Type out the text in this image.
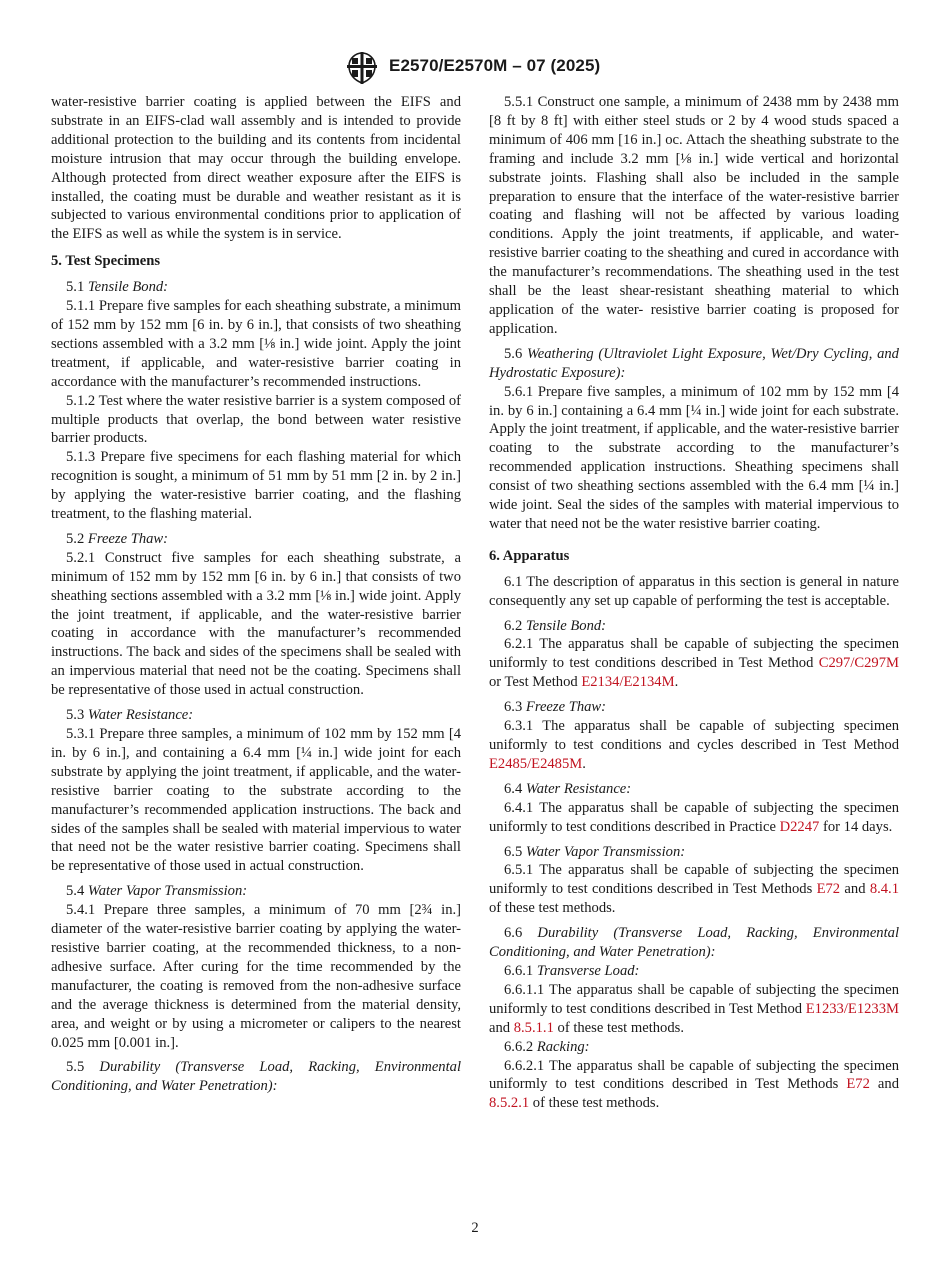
E2570/E2570M – 07 (2025)

water-resistive barrier coating is applied between the EIFS and substrate in an EIFS-clad wall assembly and is intended to provide additional protection to the building and its contents from incidental moisture intrusion that may occur through the building envelope. Although protected from direct weather exposure after the EIFS is installed, the coating must be durable and weather resistant as it is subjected to various environmental conditions prior to application of the EIFS as well as while the system is in service.

5. Test Specimens

5.1 Tensile Bond:

5.1.1 Prepare five samples for each sheathing substrate, a minimum of 152 mm by 152 mm [6 in. by 6 in.], that consists of two sheathing sections assembled with a 3.2 mm [⅛ in.] wide joint. Apply the joint treatment, if applicable, and water-resistive barrier coating in accordance with the manufacturer’s recommended instructions.

5.1.2 Test where the water resistive barrier is a system composed of multiple products that overlap, the bond between water resistive barrier products.

5.1.3 Prepare five specimens for each flashing material for which recognition is sought, a minimum of 51 mm by 51 mm [2 in. by 2 in.] by applying the water-resistive barrier coating, and the flashing treatment, to the flashing material.

5.2 Freeze Thaw:

5.2.1 Construct five samples for each sheathing substrate, a minimum of 152 mm by 152 mm [6 in. by 6 in.] that consists of two sheathing sections assembled with a 3.2 mm [⅛ in.] wide joint. Apply the joint treatment, if applicable, and the water-resistive barrier coating in accordance with the manufacturer’s recommended instructions. The back and sides of the specimens shall be sealed with an impervious material that need not be the coating. Specimens shall be representative of those used in actual construction.

5.3 Water Resistance:

5.3.1 Prepare three samples, a minimum of 102 mm by 152 mm [4 in. by 6 in.], and containing a 6.4 mm [¼ in.] wide joint for each substrate by applying the joint treatment, if applicable, and the water-resistive barrier coating to the substrate according to the manufacturer’s recommended application instructions. The back and sides of the samples shall be sealed with material impervious to water that need not be the water resistive barrier coating. Specimens shall be representative of those used in actual construction.

5.4 Water Vapor Transmission:

5.4.1 Prepare three samples, a minimum of 70 mm [2¾ in.] diameter of the water-resistive barrier coating by applying the water-resistive barrier coating, at the recommended thickness, to a non-adhesive surface. After curing for the time recommended by the manufacturer, the coating is removed from the non-adhesive surface and the average thickness is determined from the material density, area, and weight or by using a micrometer or calipers to the nearest 0.025 mm [0.001 in.].

5.5 Durability (Transverse Load, Racking, Environmental Conditioning, and Water Penetration):

5.5.1 Construct one sample, a minimum of 2438 mm by 2438 mm [8 ft by 8 ft] with either steel studs or 2 by 4 wood studs spaced a minimum of 406 mm [16 in.] oc. Attach the sheathing substrate to the framing and include 3.2 mm [⅛ in.] wide vertical and horizontal substrate joints. Flashing shall also be included in the sample preparation to ensure that the interface of the water-resistive barrier coating and flashing will not be affected by various loading conditions. Apply the joint treatments, if applicable, and water-resistive barrier coating to the sheathing and cured in accordance with the manufacturer’s recommendations. The sheathing used in the test shall be the least shear-resistant sheathing material to which application of the water- resistive barrier coating is proposed for application.

5.6 Weathering (Ultraviolet Light Exposure, Wet/Dry Cycling, and Hydrostatic Exposure):

5.6.1 Prepare five samples, a minimum of 102 mm by 152 mm [4 in. by 6 in.] containing a 6.4 mm [¼ in.] wide joint for each substrate. Apply the joint treatment, if applicable, and the water-resistive barrier coating to the substrate according to the manufacturer’s recommended application instructions. Sheathing specimens shall consist of two sheathing sections assembled with the 6.4 mm [¼ in.] wide joint. Seal the sides of the samples with material impervious to water that need not be the water resistive barrier coating.

6. Apparatus

6.1 The description of apparatus in this section is general in nature consequently any set up capable of performing the test is acceptable.

6.2 Tensile Bond:

6.2.1 The apparatus shall be capable of subjecting the specimen uniformly to test conditions described in Test Method C297/C297M or Test Method E2134/E2134M.

6.3 Freeze Thaw:

6.3.1 The apparatus shall be capable of subjecting specimen uniformly to test conditions and cycles described in Test Method E2485/E2485M.

6.4 Water Resistance:

6.4.1 The apparatus shall be capable of subjecting the specimen uniformly to test conditions described in Practice D2247 for 14 days.

6.5 Water Vapor Transmission:

6.5.1 The apparatus shall be capable of subjecting the specimen uniformly to test conditions described in Test Methods E72 and 8.4.1 of these test methods.

6.6 Durability (Transverse Load, Racking, Environmental Conditioning, and Water Penetration):

6.6.1 Transverse Load:

6.6.1.1 The apparatus shall be capable of subjecting the specimen uniformly to test conditions described in Test Method E1233/E1233M and 8.5.1.1 of these test methods.

6.6.2 Racking:

6.6.2.1 The apparatus shall be capable of subjecting the specimen uniformly to test conditions described in Test Methods E72 and 8.5.2.1 of these test methods.

2
